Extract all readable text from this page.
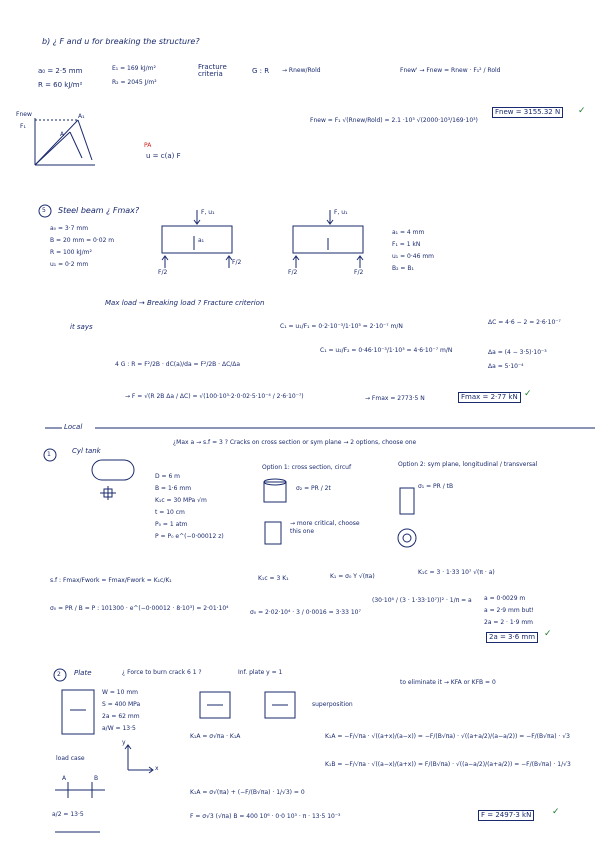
b) ¿ F and u for breaking the structure?
a₀ = 2·5 mm
R = 60 kJ/m²
E₁ = 169 kJ/m²
R₂ = 2045 J/m²
Fracture criteria	G : R → Rnew/Rold	Fnew' → Fnew = Rnew · F₁² / Rold
Fnew = F₁ √(Rnew/Rold) = 2.1 ·10³ √(2000·10³/169·10³)
Fnew = 3155.32 N	✓
u = c(a) F
PA
Fnew
F₁
A
A₁
5 Steel beam ¿ Fmax?
a₀ = 3·7 mm
B = 20 mm = 0·02 m
R = 100 kJ/m²
u₁ = 0·2 mm
a₁ = 4 mm
F₁ = 1 kN
u₁ = 0·46 mm
B₂ = B₁
F, u₁	F, u₁
a₁
F/2
F/2
F/2	F/2
Max load → Breaking load ? Fracture criterion
it says	C₁ = u₁/F₁ = 0·2·10⁻³/1·10³ = 2·10⁻⁷ m/N
C₁ = u₂/F₂ = 0·46·10⁻³/1·10³ = 4·6·10⁻⁷ m/N
ΔC = 4·6 − 2 = 2·6·10⁻⁷
Δa = (4 − 3·5)·10⁻³
Δa = 5·10⁻⁴
4 G : R = F²/2B · dC(a)/da = F²/2B · ΔC/Δa
→ F = √(R 2B Δa / ΔC) = √(100·10³·2·0·02·5·10⁻⁴ / 2·6·10⁻⁷)	→ Fmax = 2773·5 N	Fmax = 2·77 kN ✓
Local
1	Cyl tank
¿Max a → s.f = 3 ? Cracks on cross section or sym plane → 2 options, choose one
D = 6 m
B = 1·6 mm
K₁c = 30 MPa √m
t = 10 cm
P₀ = 1 atm
P = P₀ e^(−0·00012 z)
Option 1: cross section, circuf	Option 2: sym plane, longitudinal / transversal
σ₂ = PR / 2t	σ₁ = PR / tB
→ more critical, choose this one
s.f : Fmax/Fwork = Fmax/Fwork = K₁c/K₁	K₁c = 3 K₁	K₁ = σ₀ Y √(πa)
K₁c = 3 · 1·33 10⁷ √(π · a)
σ₀ = PR / B = P : 101300 · e^(−0·00012 · 8·10³) = 2·01·10⁴
σ₀ = 2·02·10⁴ · 3 / 0·0016 = 3·33 10⁷
(30·10⁶ / (3 · 1·33·10⁷))² · 1/π = a a = 0·0029 m
a = 2·9 mm but!
2a = 2 · 1·9 mm
2a = 3·6 mm ✓
2 Plate	¿ Force to burn crack 6 1 ?	Inf. plate y = 1
W = 10 mm
S = 400 MPa
2a = 62 mm
a/W = 13·5
superposition
to eliminate it → KFA or KFB = 0
K₁A = σ√πa · K₁A	K₁A = −F/√πa · √((a+x)/(a−x)) = −F/(B√πa) · √((a+a/2)/(a−a/2)) = −F/(B√πa) · √3
K₁B = −F/√πa · √((a−x)/(a+x)) = F/(B√πa) · √((a−a/2)/(a+a/2)) = −F/(B√πa) · 1/√3
K₁A = σ√(πa) + (−F/(B√πa) · 1/√3) = 0
F = σ√3 (√πa) B = 400 10⁶ · 0·0 10³ · π · 13·5 10⁻³	F = 2497·3 kN	✓
load case
a/2 = 13·5
y
x
A	B
